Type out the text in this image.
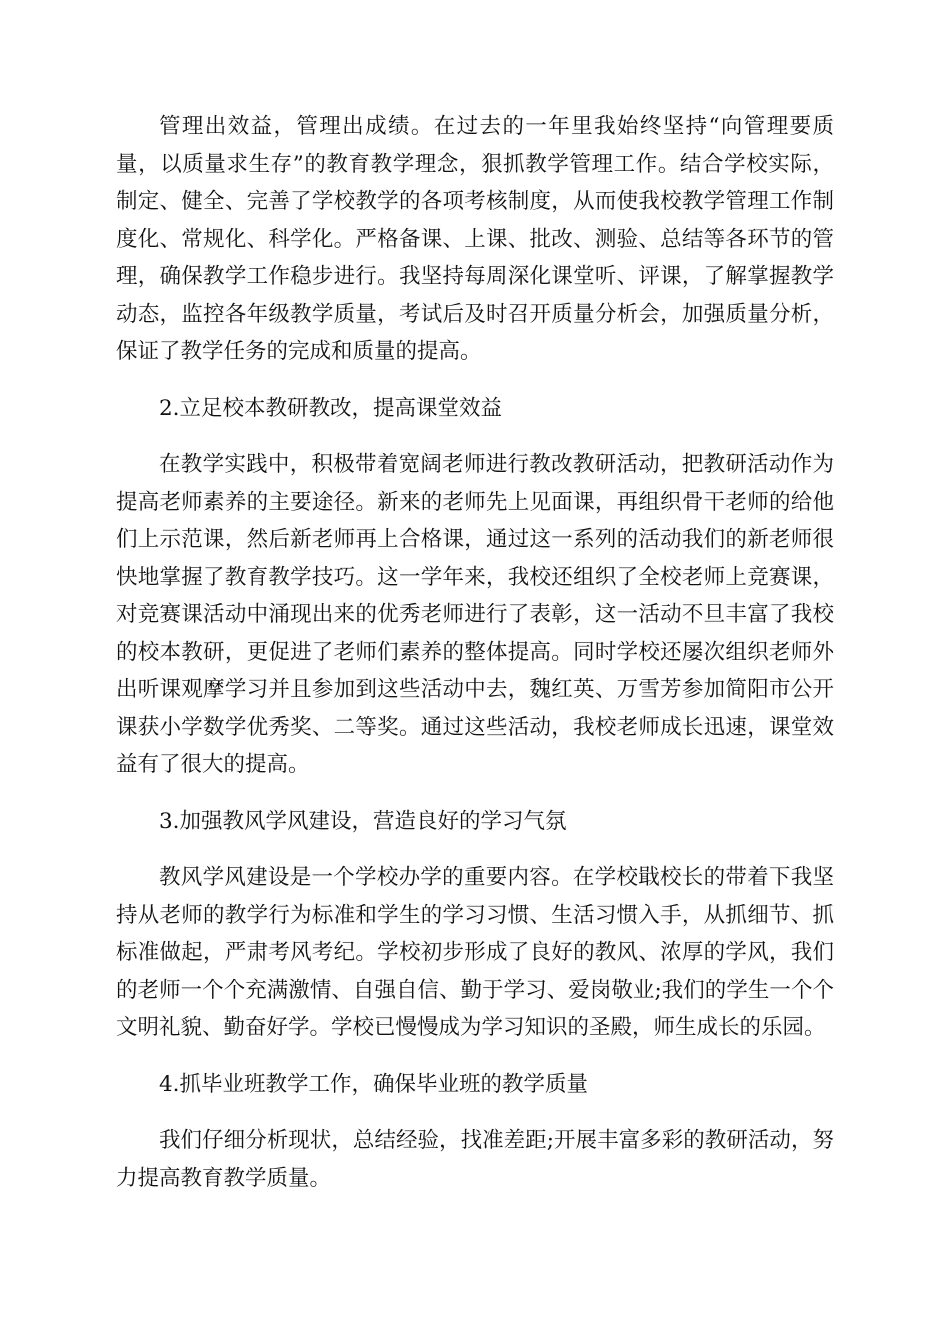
管理出效益，管理出成绩。在过去的一年里我始终坚持“向管理要质量，以质量求生存”的教育教学理念，狠抓教学管理工作。结合学校实际，制定、健全、完善了学校教学的各项考核制度，从而使我校教学管理工作制度化、常规化、科学化。严格备课、上课、批改、测验、总结等各环节的管理，确保教学工作稳步进行。我坚持每周深化课堂听、评课，了解掌握教学动态，监控各年级教学质量，考试后及时召开质量分析会，加强质量分析，保证了教学任务的完成和质量的提高。

2.立足校本教研教改，提高课堂效益

在教学实践中，积极带着宽阔老师进行教改教研活动，把教研活动作为提高老师素养的主要途径。新来的老师先上见面课，再组织骨干老师的给他们上示范课，然后新老师再上合格课，通过这一系列的活动我们的新老师很快地掌握了教育教学技巧。这一学年来，我校还组织了全校老师上竞赛课，对竞赛课活动中涌现出来的优秀老师进行了表彰，这一活动不旦丰富了我校的校本教研，更促进了老师们素养的整体提高。同时学校还屡次组织老师外出听课观摩学习并且参加到这些活动中去，魏红英、万雪芳参加简阳市公开课获小学数学优秀奖、二等奖。通过这些活动，我校老师成长迅速，课堂效益有了很大的提高。

3.加强教风学风建设，营造良好的学习气氛

教风学风建设是一个学校办学的重要内容。在学校戢校长的带着下我坚持从老师的教学行为标准和学生的学习习惯、生活习惯入手，从抓细节、抓标准做起，严肃考风考纪。学校初步形成了良好的教风、浓厚的学风，我们的老师一个个充满激情、自强自信、勤于学习、爱岗敬业;我们的学生一个个文明礼貌、勤奋好学。学校已慢慢成为学习知识的圣殿，师生成长的乐园。

4.抓毕业班教学工作，确保毕业班的教学质量

我们仔细分析现状，总结经验，找准差距;开展丰富多彩的教研活动，努力提高教育教学质量。
